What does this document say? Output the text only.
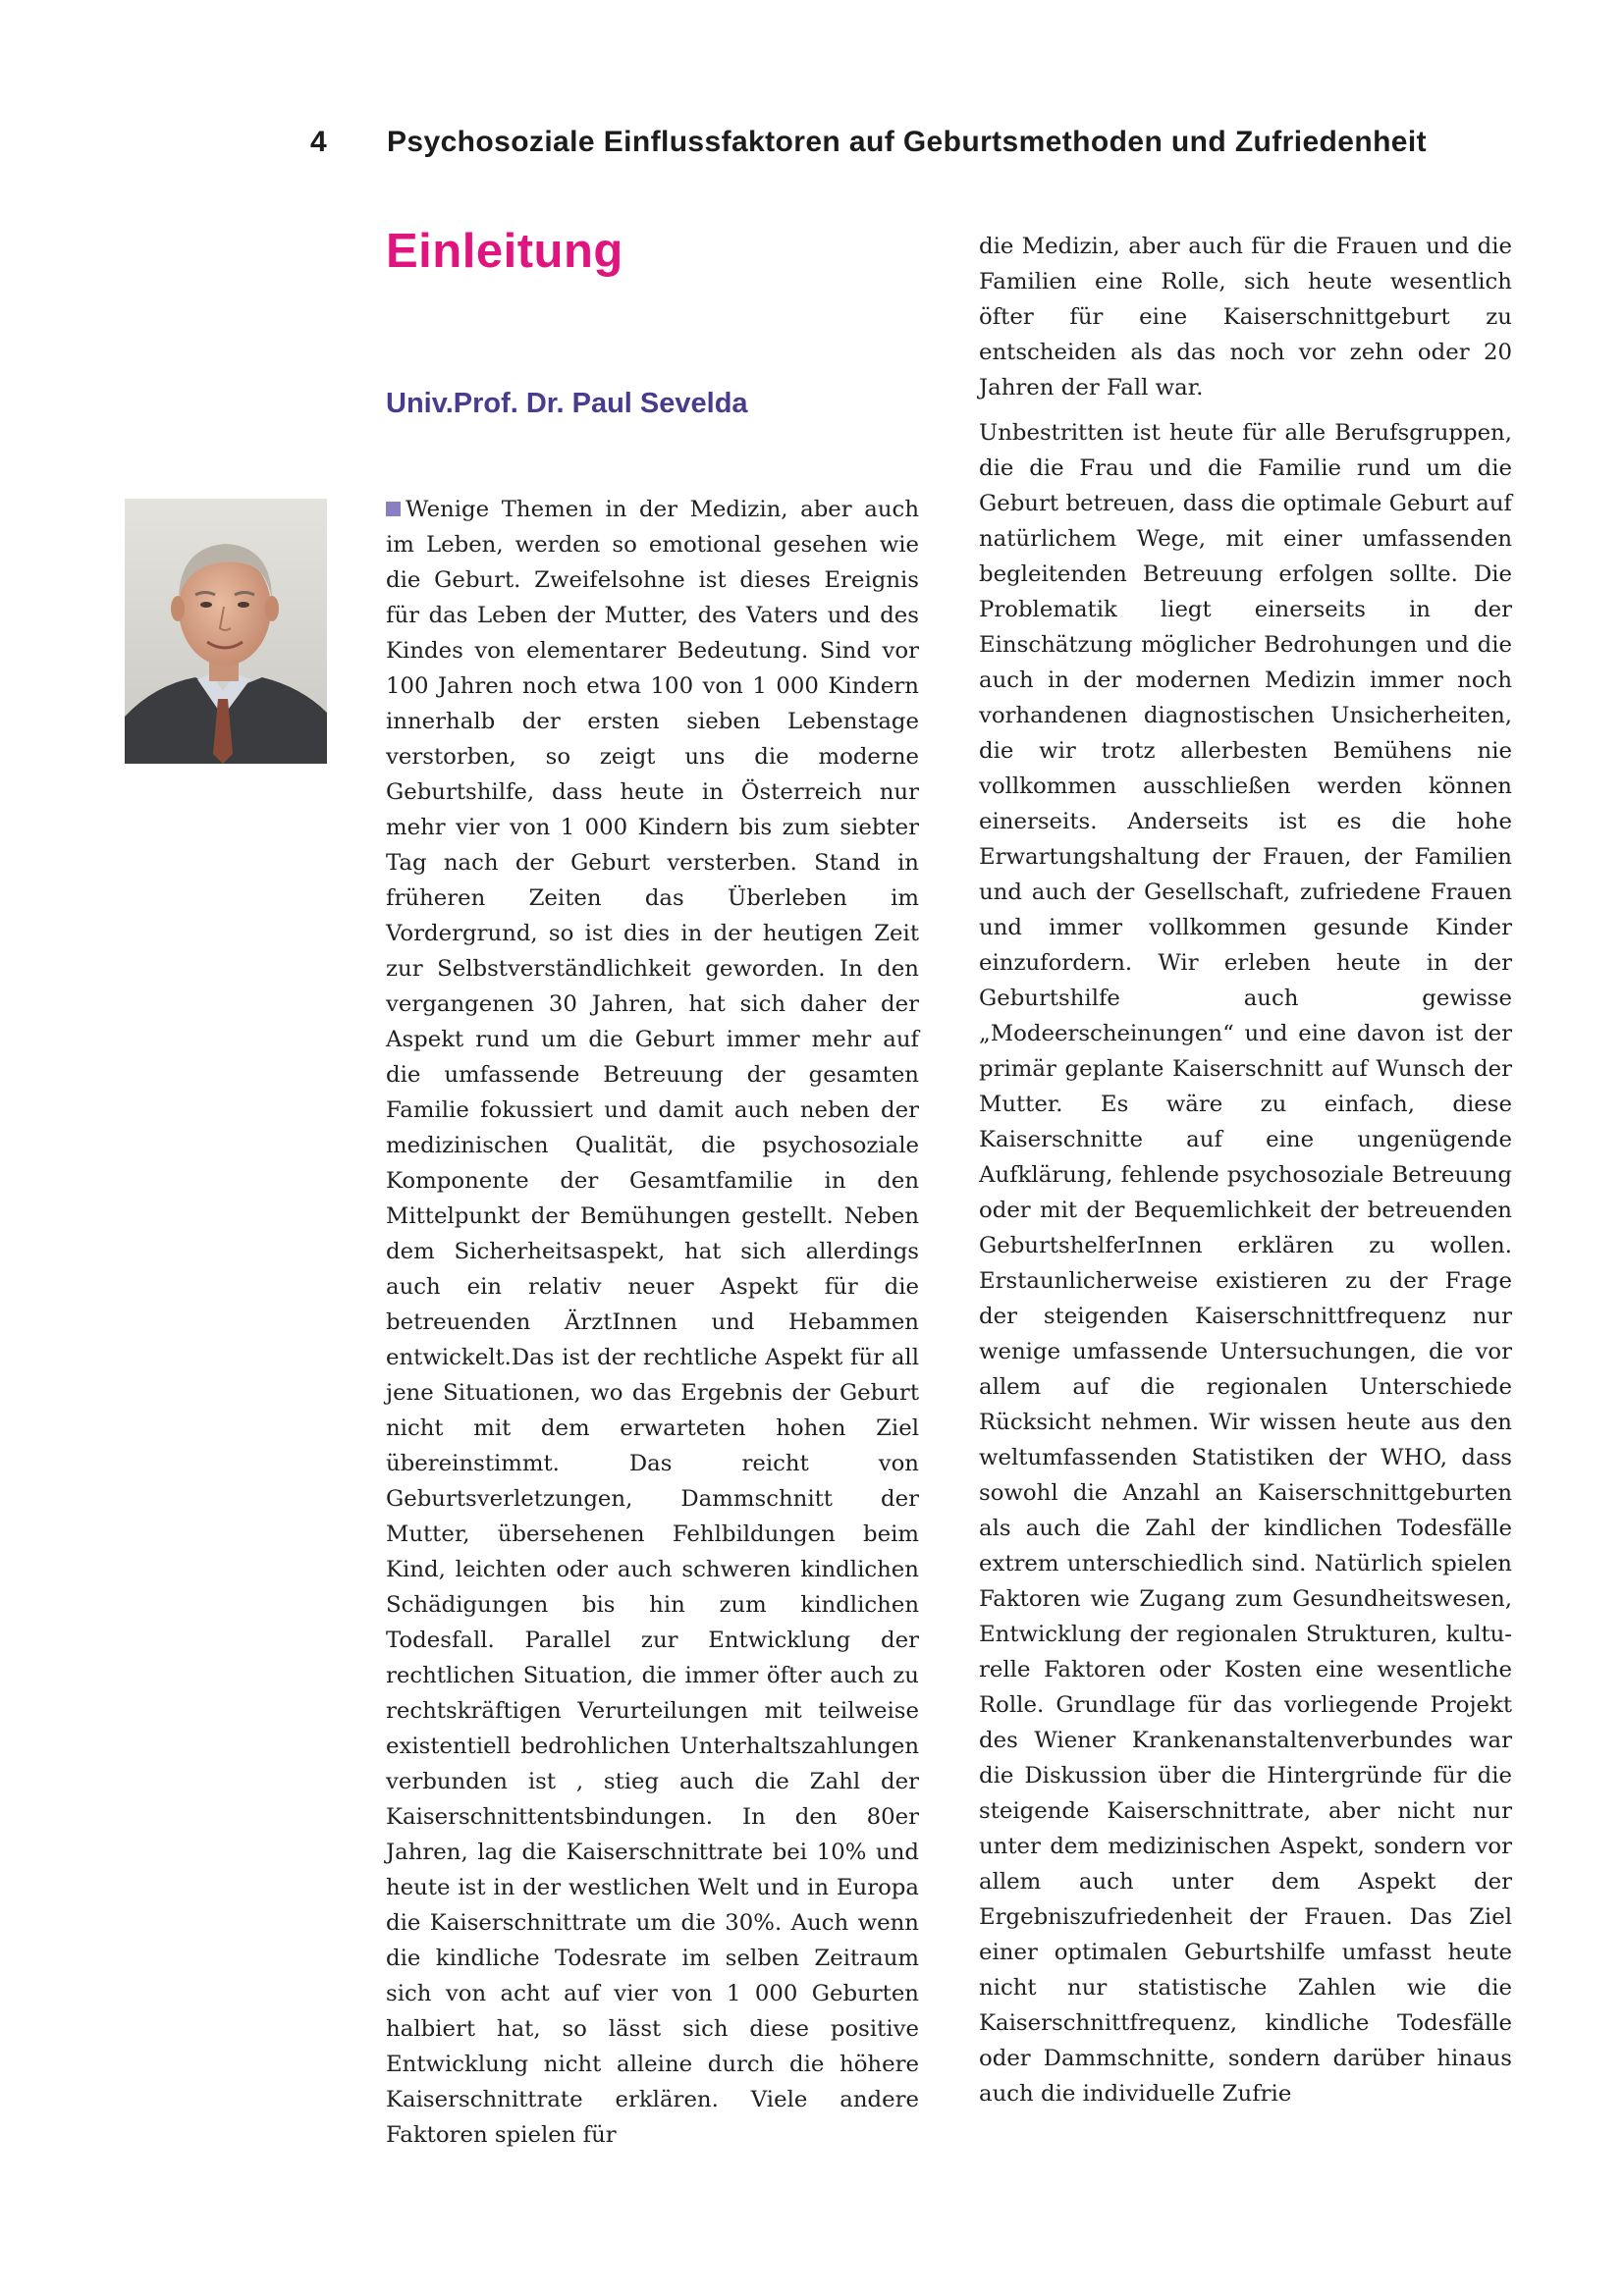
4 Psychosoziale Einflussfaktoren auf Geburtsmethoden und Zufriedenheit
Einleitung
Univ.Prof. Dr. Paul Sevelda

Wenige Themen in der Medizin, aber auch im Leben, werden so emotional gesehen wie die Geburt. Zweifelsohne ist dieses Ereignis für das Leben der Mutter, des Vaters und des Kindes von elementarer Bedeutung. Sind vor 100 Jahren noch etwa 100 von 1 000 Kindern innerhalb der ersten sieben Lebenstage verstorben, so zeigt uns die moderne Geburtshilfe, dass heute in Österreich nur mehr vier von 1 000 Kindern bis zum siebter Tag nach der Geburt versterben. Stand in früheren Zeiten das Überleben im Vordergrund, so ist dies in der heutigen Zeit zur Selbstverständlichkeit geworden. In den vergangenen 30 Jahren, hat sich daher der Aspekt rund um die Geburt immer mehr auf die umfassende Betreuung der gesamten Familie fokussiert und damit auch neben der medizinischen Qualität, die psychosoziale Komponente der Gesamtfamilie in den Mittelpunkt der Bemühungen gestellt. Neben dem Sicherheitsaspekt, hat sich allerdings auch ein relativ neuer Aspekt für die betreuenden ÄrztInnen und Hebammen entwickelt.Das ist der rechtliche Aspekt für all jene Situationen, wo das Ergebnis der Geburt nicht mit dem erwarteten hohen Ziel übereinstimmt. Das reicht von Geburtsverletzungen, Dammschnitt der Mutter, übersehenen Fehlbildungen beim Kind, leichten oder auch schweren kindlichen Schädigungen bis hin zum kindlichen Todesfall. Parallel zur Entwicklung der rechtlichen Situation, die immer öfter auch zu rechtskräftigen Verurteilungen mit teilweise existentiell bedrohlichen Unterhaltszahlungen verbunden ist , stieg auch die Zahl der Kaiserschnittentsbindungen. In den 80er Jahren, lag die Kaiserschnittrate bei 10% und heute ist in der westlichen Welt und in Europa die Kaiserschnittrate um die 30%. Auch wenn die kindliche Todesrate im selben Zeitraum sich von acht auf vier von 1 000 Geburten halbiert hat, so lässt sich diese positive Entwicklung nicht alleine durch die höhere Kaiserschnittrate erklären. Viele andere Faktoren spielen für

die Medizin, aber auch für die Frauen und die Familien eine Rolle, sich heute wesentlich öfter für eine Kaiserschnittgeburt zu entscheiden als das noch vor zehn oder 20 Jahren der Fall war.

Unbestritten ist heute für alle Berufsgruppen, die die Frau und die Familie rund um die Geburt betreuen, dass die optimale Geburt auf natürlichem Wege, mit einer umfassenden begleitenden Betreuung erfolgen sollte. Die Problematik liegt einerseits in der Einschätzung möglicher Bedrohungen und die auch in der modernen Medizin immer noch vorhandenen diagnostischen Unsicherheiten, die wir trotz allerbesten Bemühens nie vollkommen ausschließen werden können einerseits. Anderseits ist es die hohe Erwartungshaltung der Frauen, der Familien und auch der Gesellschaft, zufriedene Frauen und immer vollkommen gesunde Kinder einzufordern. Wir erleben heute in der Geburtshilfe auch gewisse „Modeerscheinungen“ und eine davon ist der primär geplante Kaiserschnitt auf Wunsch der Mutter. Es wäre zu einfach, diese Kaiserschnitte auf eine ungenügende Aufklärung, fehlende psychosoziale Betreuung oder mit der Bequemlichkeit der betreuenden GeburtshelferInnen erklären zu wollen. Erstaunlicherweise existieren zu der Frage der steigenden Kaiserschnittfrequenz nur wenige umfassende Untersuchungen, die vor allem auf die regionalen Unterschiede Rücksicht nehmen. Wir wissen heute aus den weltumfassenden Statistiken der WHO, dass sowohl die Anzahl an Kaiserschnittgeburten als auch die Zahl der kindlichen Todesfälle extrem unterschiedlich sind. Natürlich spielen Faktoren wie Zugang zum Gesundheitswesen, Entwicklung der regionalen Strukturen, kulturelle Faktoren oder Kosten eine wesentliche Rolle. Grundlage für das vorliegende Projekt des Wiener Krankenanstaltenverbundes war die Diskussion über die Hintergründe für die steigende Kaiserschnittrate, aber nicht nur unter dem medizinischen Aspekt, sondern vor allem auch unter dem Aspekt der Ergebniszufriedenheit der Frauen. Das Ziel einer optimalen Geburtshilfe umfasst heute nicht nur statistische Zahlen wie die Kaiserschnittfrequenz, kindliche Todesfälle oder Dammschnitte, sondern darüber hinaus auch die individuelle Zufrie
